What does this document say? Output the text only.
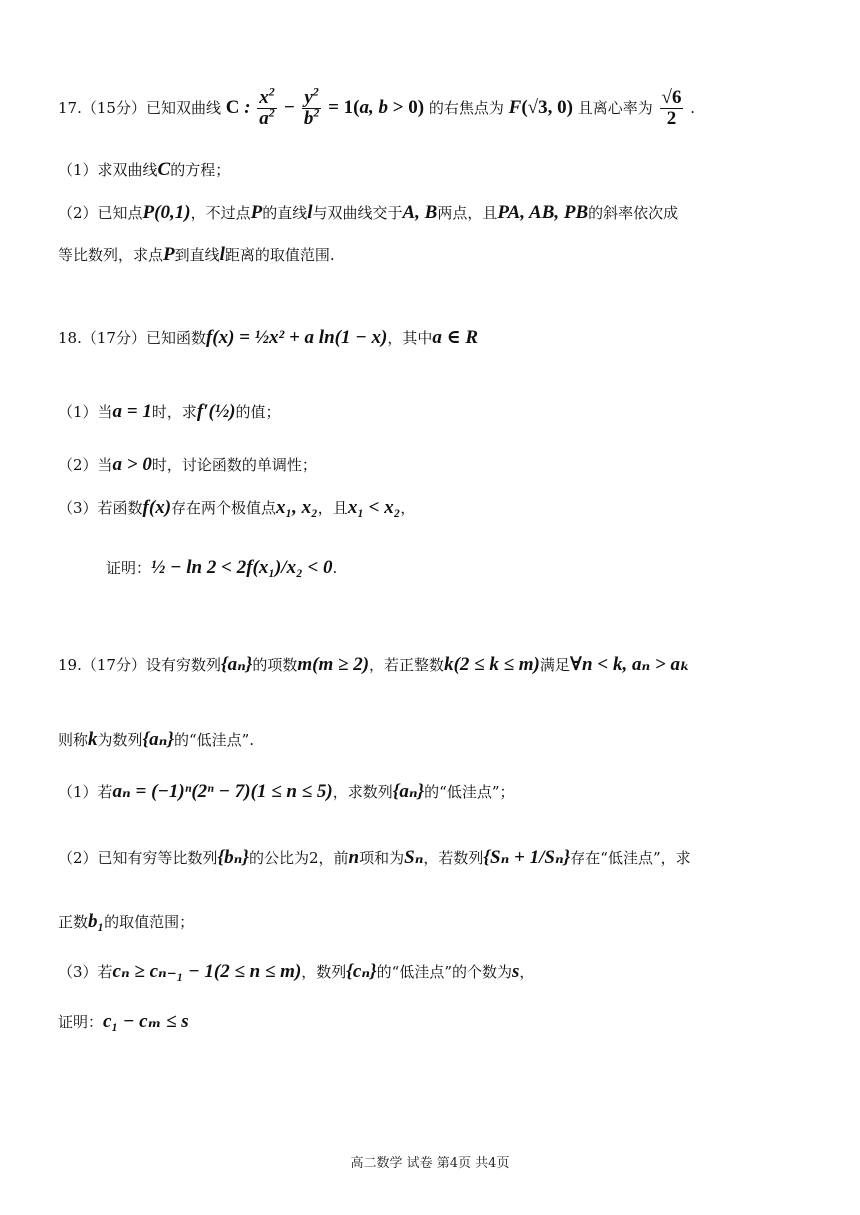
17.（15分）已知双曲线 C : $\frac{x^2}{a^2} - \frac{y^2}{b^2} = 1(a$, b > 0) 的右焦点为 F(√3, 0) 且离心率为 $\frac{√6}{2}$ .
（1）求双曲线C的方程；
（2）已知点P(0,1)，不过点P的直线l与双曲线交于A, B两点，且PA, AB, PB的斜率依次成
等比数列，求点P到直线l距离的取值范围.
18.（17分）已知函数f(x) = ½x² + a ln(1 − x)，其中a ∈ R
（1）当a = 1时，求f′(½)的值；
（2）当a > 0时，讨论函数的单调性；
（3）若函数f(x)存在两个极值点x₁, x₂，且x₁ < x₂，
证明：½ − ln 2 < 2f(x₁)/x₂ < 0.
19.（17分）设有穷数列{aₙ}的项数m(m ≥ 2)，若正整数k(2 ≤ k ≤ m)满足∀n < k, aₙ > aₖ
则称k为数列{aₙ}的“低洼点”.
（1）若aₙ = (−1)ⁿ(2ⁿ − 7)(1 ≤ n ≤ 5)，求数列{aₙ}的“低洼点”；
（2）已知有穷等比数列{bₙ}的公比为2，前n项和为Sₙ，若数列{Sₙ + 1/Sₙ}存在“低洼点”，求
正数b₁的取值范围；
（3）若cₙ ≥ cₙ₋₁ − 1(2 ≤ n ≤ m)，数列{cₙ}的“低洼点”的个数为s，
证明：c₁ − cₘ ≤ s
高二数学 试卷 第4页 共4页
